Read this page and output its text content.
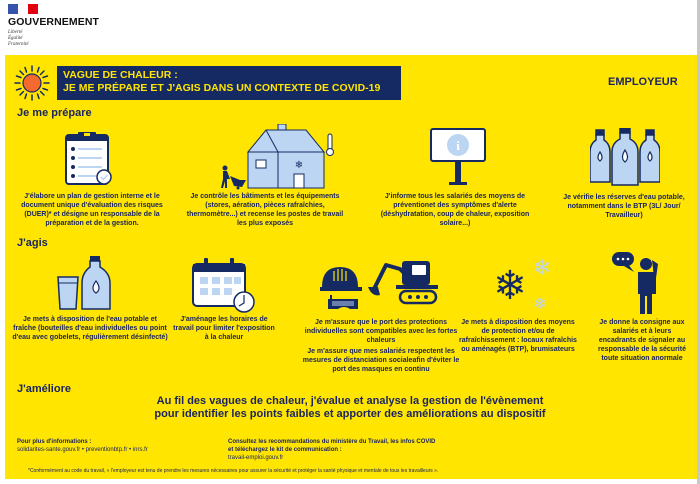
GOUVERNEMENT
Liberté
Égalité
Fraternité
VAGUE DE CHALEUR :
JE ME PRÉPARE ET J'AGIS DANS UN CONTEXTE DE COVID-19	EMPLOYEUR
Je me prépare
J'élabore un plan de gestion interne et le document unique d'évaluation des risques (DUER)* et désigne un responsable de la préparation et de la gestion.
❄
Je contrôle les bâtiments et les équipements (stores, aération, pièces rafraîchies, thermomètre...) et recense les postes de travail les plus exposés
i
J'informe tous les salariés des moyens de préventionet des symptômes d'alerte (déshydratation, coup de chaleur, exposition solaire...)
Je vérifie les réserves d'eau potable, notamment dans le BTP (3L/ Jour/ Travailleur)
J'agis
Je mets à disposition de l'eau potable et fraîche (bouteilles d'eau individuelles ou point d'eau avec gobelets, régulièrement désinfecté)
J'aménage les horaires de travail pour limiter l'exposition à la chaleur
Je m'assure que le port des protections individuelles sont compatibles avec les fortes chaleurs
Je m'assure que mes salariés respectent les mesures de distanciation socialeafin d'éviter le port des masques en continu
❄ ❄
❄
Je mets à disposition des moyens de protection et/ou de rafraîchissement : locaux rafraîchis ou aménagés (BTP), brumisateurs
Je donne la consigne aux salariés et à leurs encadrants de signaler au responsable de la sécurité toute situation anormale
J'améliore
Au fil des vagues de chaleur, j'évalue et analyse la gestion de l'évènement
pour identifier les points faibles et apporter des améliorations au dispositif
Pour plus d'informations :
solidarites-sante.gouv.fr • preventionbtp.fr • inrs.fr
Consultez les recommandations du ministère du Travail, les infos COVID
et téléchargez le kit de communication :
travail-emploi.gouv.fr
*Conformément au code du travail, « l'employeur est tenu de prendre les mesures nécessaires pour assurer la sécurité et protéger la santé physique et mentale de tous les travailleurs ».
